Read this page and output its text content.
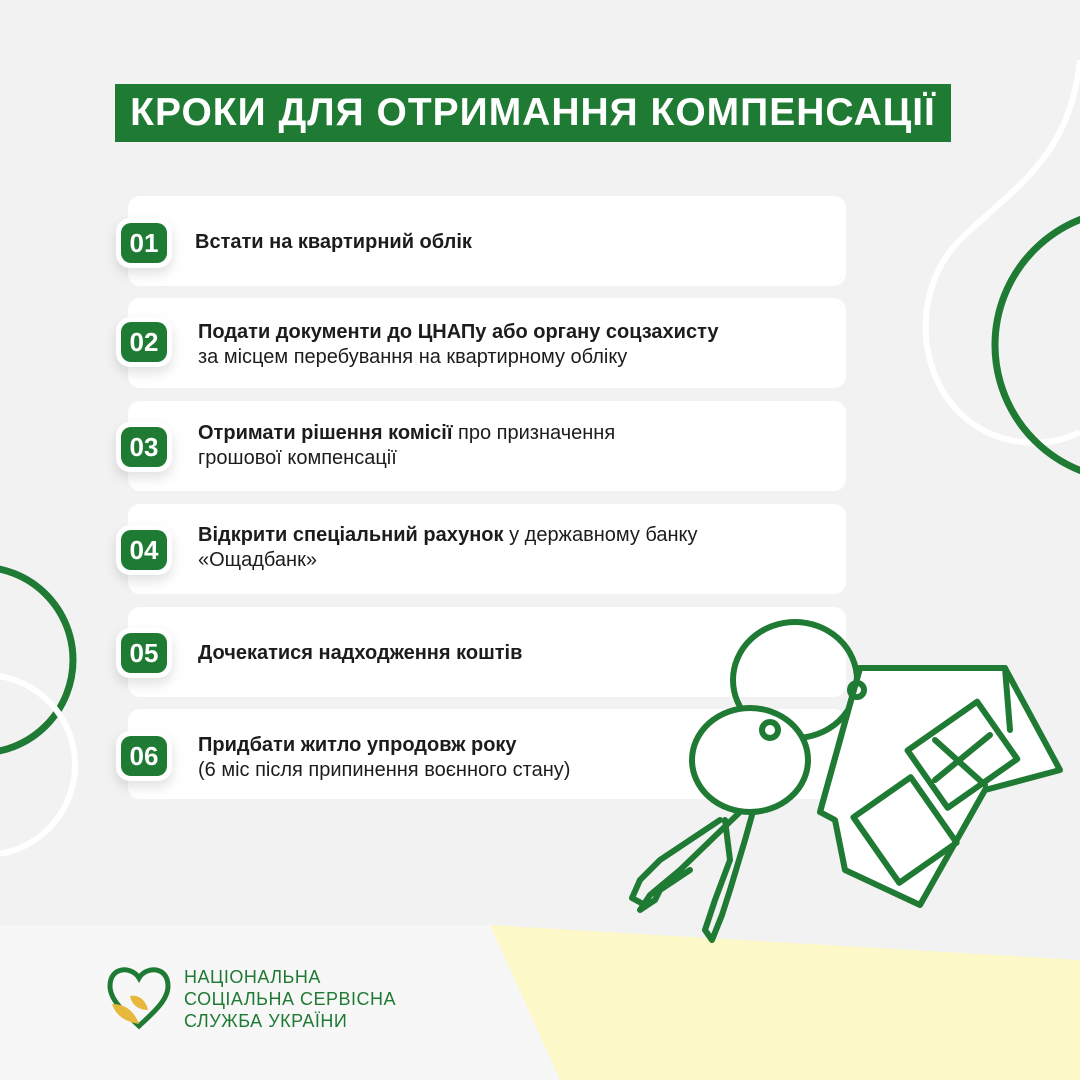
КРОКИ ДЛЯ ОТРИМАННЯ КОМПЕНСАЦІЇ
01
02
03
04
05
06
Встати на квартирний облік
Подати документи до ЦНАПу або органу соцзахисту
за місцем перебування на квартирному обліку
Отримати рішення комісії про призначення грошової компенсації
Відкрити спеціальний рахунок у державному банку «Ощадбанк»
Дочекатися надходження коштів
Придбати житло упродовж року
(6 міс після припинення воєнного стану)
НАЦІОНАЛЬНА
СОЦІАЛЬНА СЕРВІСНА
СЛУЖБА УКРАЇНИ
